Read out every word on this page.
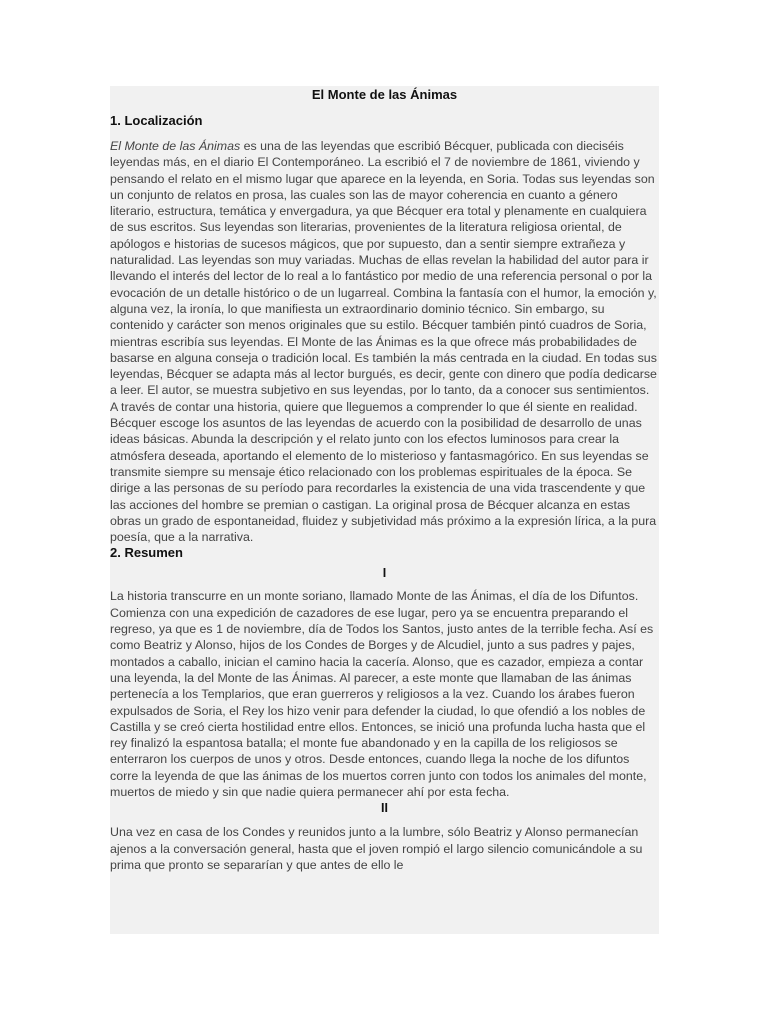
El Monte de las Ánimas
1. Localización

El Monte de las Ánimas es una de las leyendas que escribió Bécquer, publicada con dieciséis leyendas más, en el diario El Contemporáneo. La escribió el 7 de noviembre de 1861, viviendo y pensando el relato en el mismo lugar que aparece en la leyenda, en Soria. Todas sus leyendas son un conjunto de relatos en prosa, las cuales son las de mayor coherencia en cuanto a género literario, estructura, temática y envergadura, ya que Bécquer era total y plenamente en cualquiera de sus escritos. Sus leyendas son literarias, provenientes de la literatura religiosa oriental, de apólogos e historias de sucesos mágicos, que por supuesto, dan a sentir siempre extrañeza y naturalidad. Las leyendas son muy variadas. Muchas de ellas revelan la habilidad del autor para ir llevando el interés del lector de lo real a lo fantástico por medio de una referencia personal o por la evocación de un detalle histórico o de un lugarreal. Combina la fantasía con el humor, la emoción y, alguna vez, la ironía, lo que manifiesta un extraordinario dominio técnico. Sin embargo, su contenido y carácter son menos originales que su estilo. Bécquer también pintó cuadros de Soria, mientras escribía sus leyendas. El Monte de las Ánimas es la que ofrece más probabilidades de basarse en alguna conseja o tradición local. Es también la más centrada en la ciudad. En todas sus leyendas, Bécquer se adapta más al lector burgués, es decir, gente con dinero que podía dedicarse a leer. El autor, se muestra subjetivo en sus leyendas, por lo tanto, da a conocer sus sentimientos. A través de contar una historia, quiere que lleguemos a comprender lo que él siente en realidad. Bécquer escoge los asuntos de las leyendas de acuerdo con la posibilidad de desarrollo de unas ideas básicas. Abunda la descripción y el relato junto con los efectos luminosos para crear la atmósfera deseada, aportando el elemento de lo misterioso y fantasmagórico. En sus leyendas se transmite siempre su mensaje ético relacionado con los problemas espirituales de la época. Se dirige a las personas de su período para recordarles la existencia de una vida trascendente y que las acciones del hombre se premian o castigan. La original prosa de Bécquer alcanza en estas obras un grado de espontaneidad, fluidez y subjetividad más próximo a la expresión lírica, a la pura poesía, que a la narrativa.

2. Resumen
I

La historia transcurre en un monte soriano, llamado Monte de las Ánimas, el día de los Difuntos. Comienza con una expedición de cazadores de ese lugar, pero ya se encuentra preparando el regreso, ya que es 1 de noviembre, día de Todos los Santos, justo antes de la terrible fecha. Así es como Beatriz y Alonso, hijos de los Condes de Borges y de Alcudiel, junto a sus padres y pajes, montados a caballo, inician el camino hacia la cacería. Alonso, que es cazador, empieza a contar una leyenda, la del Monte de las Ánimas. Al parecer, a este monte que llamaban de las ánimas pertenecía a los Templarios, que eran guerreros y religiosos a la vez. Cuando los árabes fueron expulsados de Soria, el Rey los hizo venir para defender la ciudad, lo que ofendió a los nobles de Castilla y se creó cierta hostilidad entre ellos. Entonces, se inició una profunda lucha hasta que el rey finalizó la espantosa batalla; el monte fue abandonado y en la capilla de los religiosos se enterraron los cuerpos de unos y otros. Desde entonces, cuando llega la noche de los difuntos corre la leyenda de que las ánimas de los muertos corren junto con todos los animales del monte, muertos de miedo y sin que nadie quiera permanecer ahí por esta fecha.

II

Una vez en casa de los Condes y reunidos junto a la lumbre, sólo Beatriz y Alonso permanecían ajenos a la conversación general, hasta que el joven rompió el largo silencio comunicándole a su prima que pronto se separarían y que antes de ello le
